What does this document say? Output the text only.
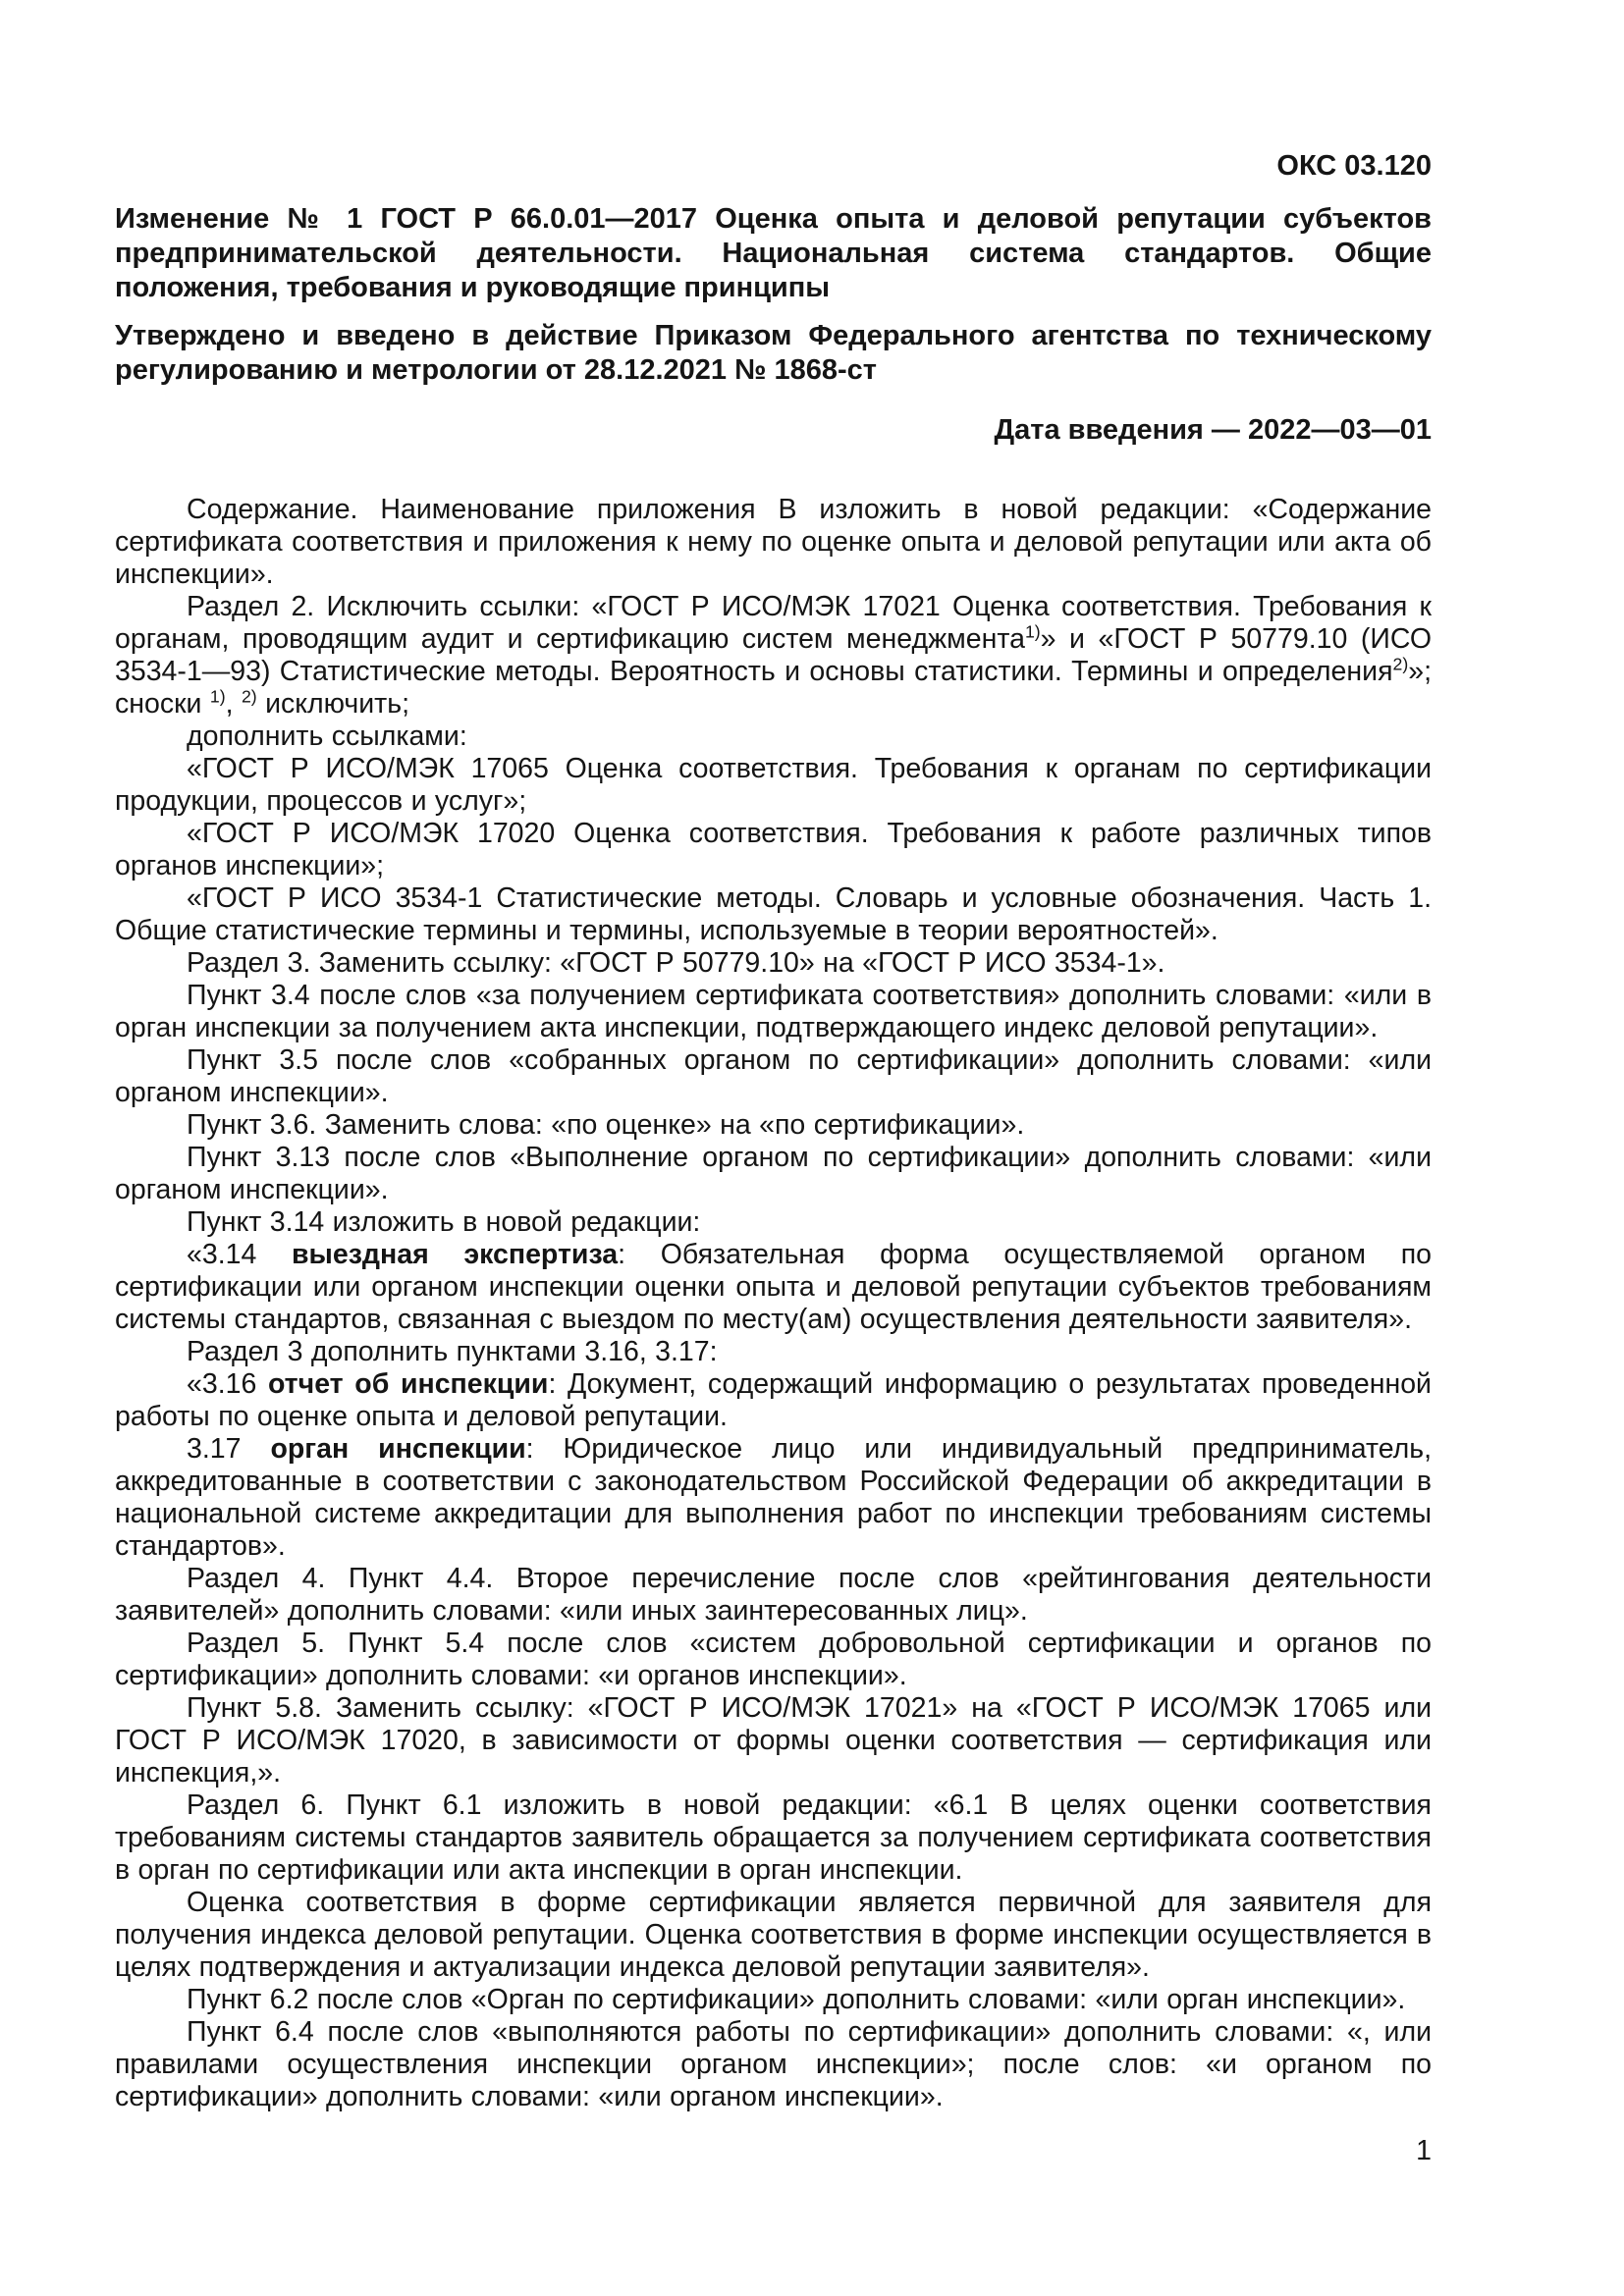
ОКС 03.120
Изменение № 1 ГОСТ Р 66.0.01—2017 Оценка опыта и деловой репутации субъектов предпринимательской деятельности. Национальная система стандартов. Общие положения, требования и руководящие принципы
Утверждено и введено в действие Приказом Федерального агентства по техническому регулированию и метрологии от 28.12.2021 № 1868-ст
Дата введения — 2022—03—01

Содержание. Наименование приложения В изложить в новой редакции: «Содержание сертификата соответствия и приложения к нему по оценке опыта и деловой репутации или акта об инспекции».

Раздел 2. Исключить ссылки: «ГОСТ Р ИСО/МЭК 17021 Оценка соответствия. Требования к органам, проводящим аудит и сертификацию систем менеджмента$^{1)}$» и «ГОСТ Р 50779.10 (ИСО 3534-1—93) Статистические методы. Вероятность и основы статистики. Термины и определения$^{2)}$»; сноски $^{1)}$, $^{2)}$ исключить;

дополнить ссылками:

«ГОСТ Р ИСО/МЭК 17065 Оценка соответствия. Требования к органам по сертификации продукции, процессов и услуг»;

«ГОСТ Р ИСО/МЭК 17020 Оценка соответствия. Требования к работе различных типов органов инспекции»;

«ГОСТ Р ИСО 3534-1 Статистические методы. Словарь и условные обозначения. Часть 1. Общие статистические термины и термины, используемые в теории вероятностей».

Раздел 3. Заменить ссылку: «ГОСТ Р 50779.10» на «ГОСТ Р ИСО 3534-1».

Пункт 3.4 после слов «за получением сертификата соответствия» дополнить словами: «или в орган инспекции за получением акта инспекции, подтверждающего индекс деловой репутации».

Пункт 3.5 после слов «собранных органом по сертификации» дополнить словами: «или органом инспекции».

Пункт 3.6. Заменить слова: «по оценке» на «по сертификации».

Пункт 3.13 после слов «Выполнение органом по сертификации» дополнить словами: «или органом инспекции».

Пункт 3.14 изложить в новой редакции:

«3.14 выездная экспертиза: Обязательная форма осуществляемой органом по сертификации или органом инспекции оценки опыта и деловой репутации субъектов требованиям системы стандартов, связанная с выездом по месту(ам) осуществления деятельности заявителя».

Раздел 3 дополнить пунктами 3.16, 3.17:

«3.16 отчет об инспекции: Документ, содержащий информацию о результатах проведенной работы по оценке опыта и деловой репутации.

3.17 орган инспекции: Юридическое лицо или индивидуальный предприниматель, аккредитованные в соответствии с законодательством Российской Федерации об аккредитации в национальной системе аккредитации для выполнения работ по инспекции требованиям системы стандартов».

Раздел 4. Пункт 4.4. Второе перечисление после слов «рейтингования деятельности заявителей» дополнить словами: «или иных заинтересованных лиц».

Раздел 5. Пункт 5.4 после слов «систем добровольной сертификации и органов по сертификации» дополнить словами: «и органов инспекции».

Пункт 5.8. Заменить ссылку: «ГОСТ Р ИСО/МЭК 17021» на «ГОСТ Р ИСО/МЭК 17065 или ГОСТ Р ИСО/МЭК 17020, в зависимости от формы оценки соответствия — сертификация или инспекция,».

Раздел 6. Пункт 6.1 изложить в новой редакции: «6.1 В целях оценки соответствия требованиям системы стандартов заявитель обращается за получением сертификата соответствия в орган по сертификации или акта инспекции в орган инспекции.

Оценка соответствия в форме сертификации является первичной для заявителя для получения индекса деловой репутации. Оценка соответствия в форме инспекции осуществляется в целях подтверждения и актуализации индекса деловой репутации заявителя».

Пункт 6.2 после слов «Орган по сертификации» дополнить словами: «или орган инспекции».

Пункт 6.4 после слов «выполняются работы по сертификации» дополнить словами: «, или правилами осуществления инспекции органом инспекции»; после слов: «и органом по сертификации» дополнить словами: «или органом инспекции».

1
